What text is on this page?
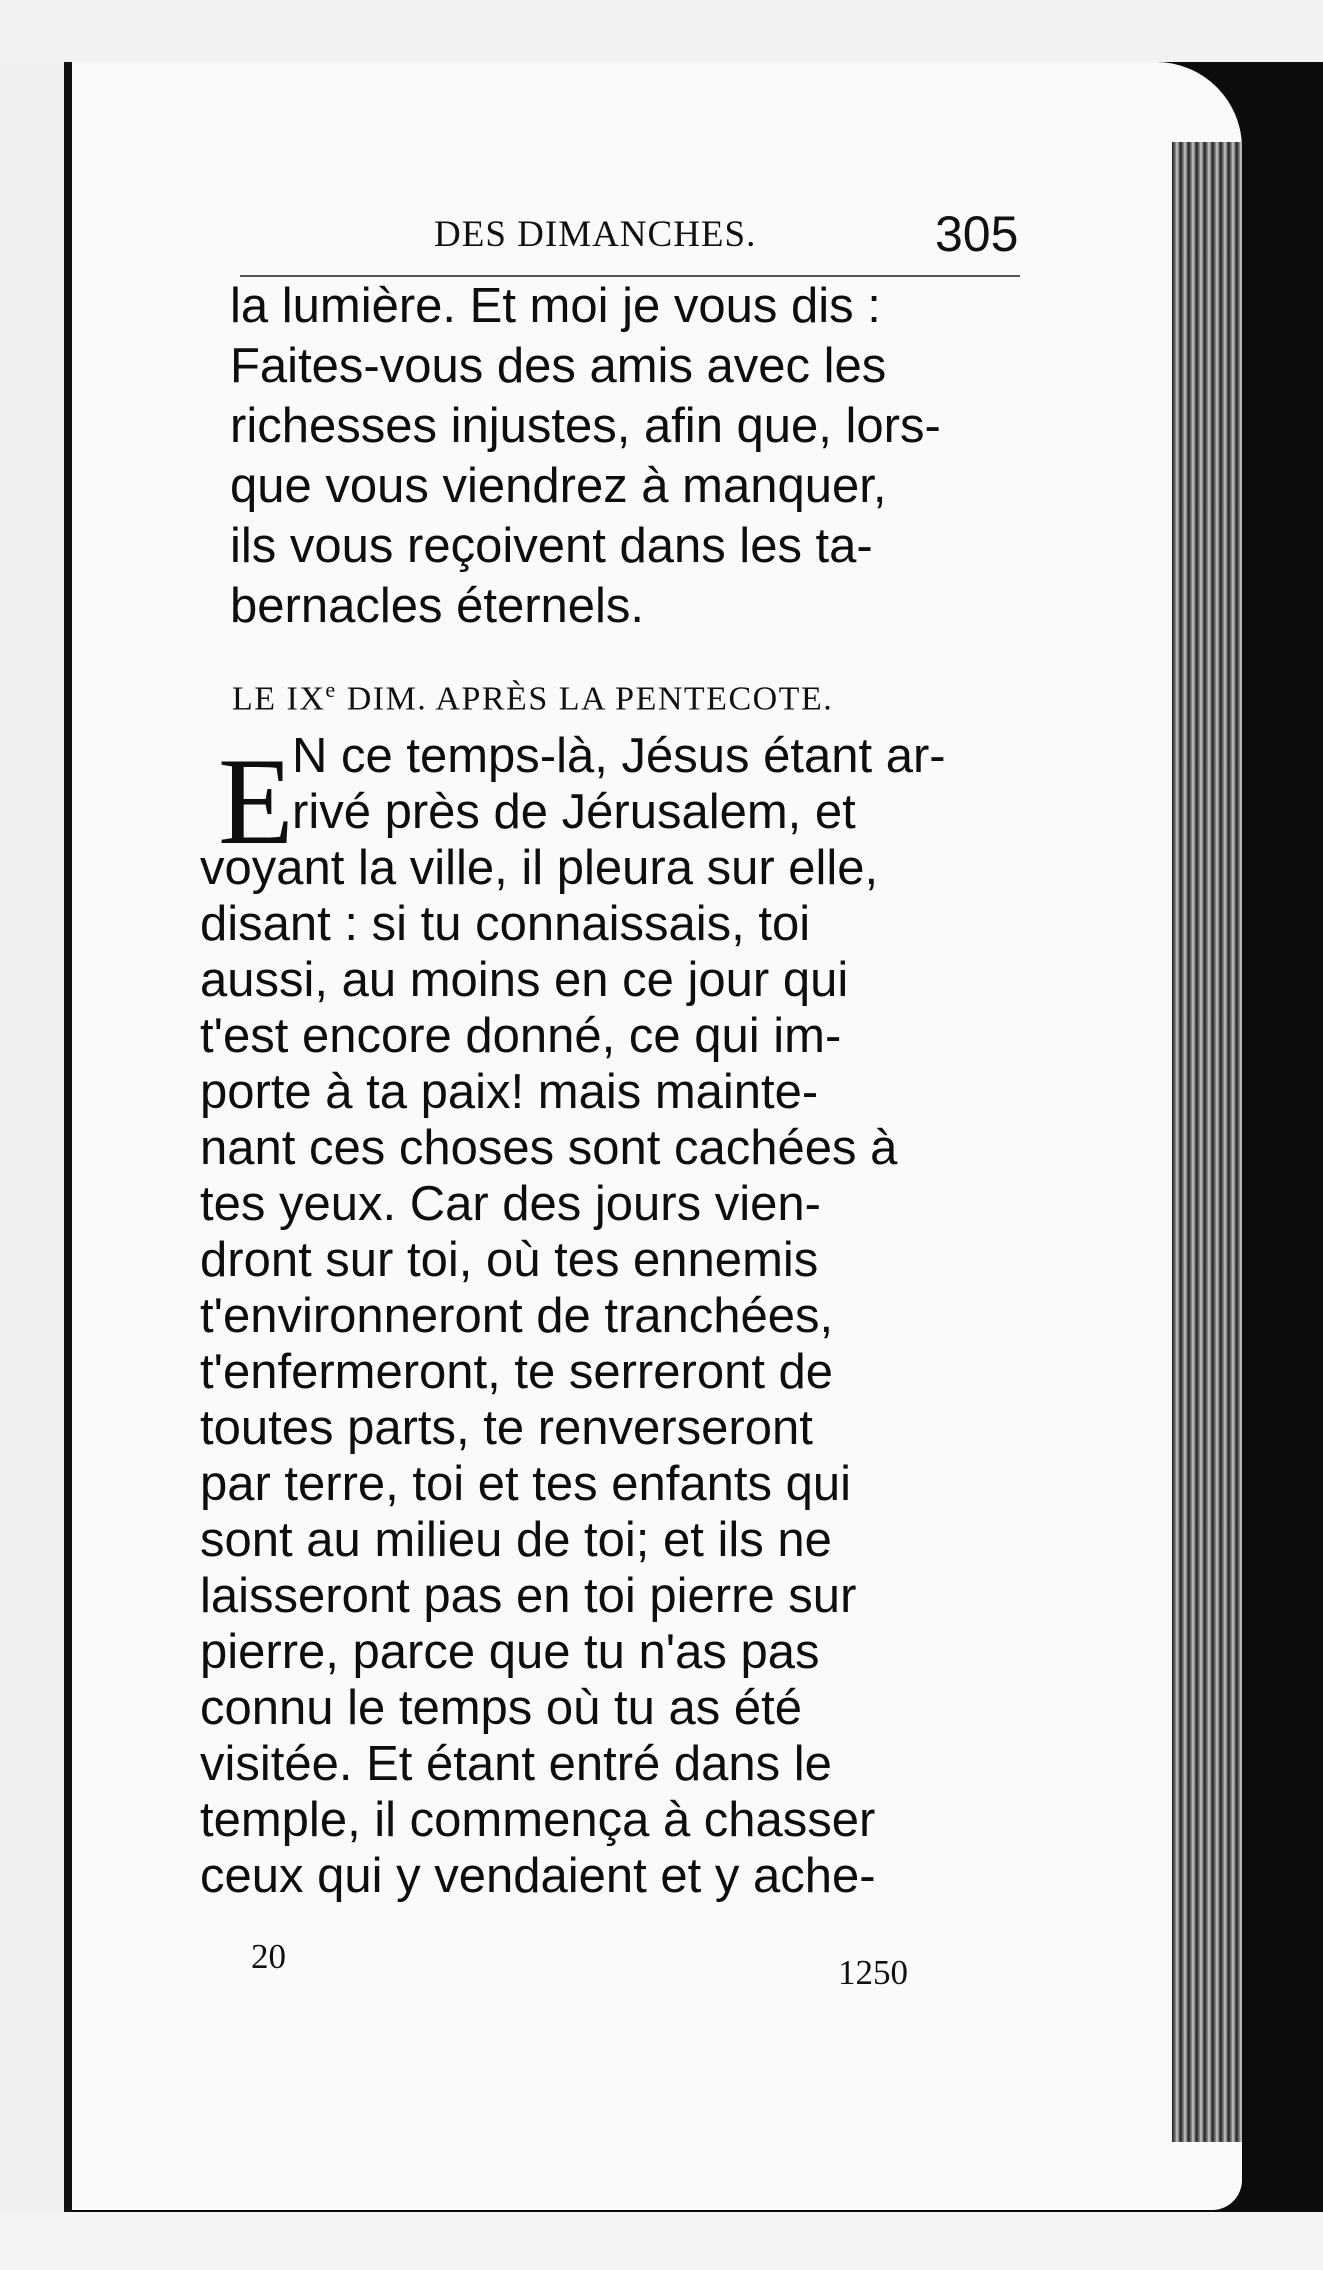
DES DIMANCHES.	305
la lumière. Et moi je vous dis :
Faites-vous des amis avec les
richesses injustes, afin que, lors-
que vous viendrez à manquer,
ils vous reçoivent dans les ta-
bernacles éternels.
LE IXe DIM. APRÈS LA PENTECOTE.
E
N ce temps-là, Jésus étant ar-
rivé près de Jérusalem, et
voyant la ville, il pleura sur elle,
disant : si tu connaissais, toi
aussi, au moins en ce jour qui
t'est encore donné, ce qui im-
porte à ta paix! mais mainte-
nant ces choses sont cachées à
tes yeux. Car des jours vien-
dront sur toi, où tes ennemis
t'environneront de tranchées,
t'enfermeront, te serreront de
toutes parts, te renverseront
par terre, toi et tes enfants qui
sont au milieu de toi; et ils ne
laisseront pas en toi pierre sur
pierre, parce que tu n'as pas
connu le temps où tu as été
visitée. Et étant entré dans le
temple, il commença à chasser
ceux qui y vendaient et y ache-
20	1250
